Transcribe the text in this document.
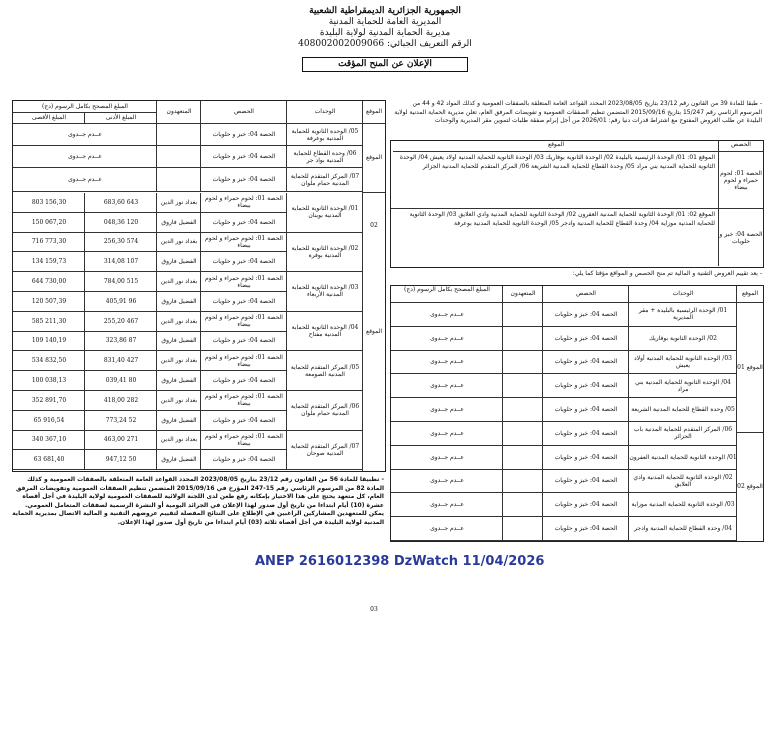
الجمهورية الجزائرية الديمقراطية الشعبية
المديرية العامة للحماية المدنية
مديرية الحماية المدنية لولاية البليدة
الرقم التعريف الجبائي: 408002002009066
الإعلان عن المنح المؤقت
- طبقا للمادة 39 من القانون رقم 23/12 بتاريخ 2023/08/05 المحدد القواعد العامة المتعلقة بالصفقات العمومية و كذلك المواد 42 و 44 من المرسوم الرئاسي رقم 15/247 بتاريخ 2015/09/16 المتضمن تنظيم الصفقات العمومية و تفويضات المرفق العام، تعلن مديرية الحماية المدنية لولاية البليدة عن طلب العروض المفتوح مع اشتراط قدرات دنيا رقم: 2026/01 من أجل إبرام صفقة طلبات لتموين مقر المديرية والوحدات
الحصص
الموقع
الحصة 01: لحوم حمراء و لحوم بيضاء
الموقع 01: 01/ الوحدة الرئيسية بالبليدة 02/ الوحدة الثانوية بوفاريك 03/ الوحدة الثانوية للحماية المدنية أولاد يعيش 04/ الوحدة الثانوية للحماية المدنية بني مراد 05/ وحدة القطاع للحماية المدنية الشريعة 06/ المركز المتقدم للحماية المدنية الجزائر
الحصة 04: خبز و حلويات
الموقع 02: 01/ الوحدة الثانوية للحماية المدنية العفرون 02/ الوحدة الثانوية للحماية المدنية وادي العلايق 03/ الوحدة الثانوية للحماية المدنية موزاية 04/ وحدة القطاع للحماية المدنية وادجر 05/ الوحدة الثانوية للحماية المدنية بوعرفة
- بعد تقييم العروض التقنية و المالية تم منح الحصص و المواقع مؤقتا كما يلي:
الموقع
الوحدات
الحصص
المتعهدون
المبلغ المصحح بكامل الرسوم (دج)
الموقع 01
الموقع 02
01/ الوحدة الرئيسية بالبليدة + مقر المديرية
الحصة 04: خبز و حلويات
عــدم جــدوى
02/ الوحدة الثانوية بوفاريك
الحصة 04: خبز و حلويات
عــدم جــدوى
03/ الوحدة الثانوية للحماية المدنية أولاد يعيش
الحصة 04: خبز و حلويات
عــدم جــدوى
04/ الوحدة الثانوية للحماية المدنية بني مراد
الحصة 04: خبز و حلويات
عــدم جــدوى
05/ وحدة القطاع للحماية المدنية الشريعة
الحصة 04: خبز و حلويات
عــدم جــدوى
06/ المركز المتقدم للحماية المدنية باب الجزائر
الحصة 04: خبز و حلويات
عــدم جــدوى
01/ الوحدة الثانوية للحماية المدنية العفرون
الحصة 04: خبز و حلويات
عــدم جــدوى
02/ الوحدة الثانوية للحماية المدنية وادي العلايق
الحصة 04: خبز و حلويات
عــدم جــدوى
03/ الوحدة الثانوية للحماية المدنية موزاية
الحصة 04: خبز و حلويات
عــدم جــدوى
04/ وحدة القطاع للحماية المدنية وادجر
الحصة 04: خبز و حلويات
عــدم جــدوى
الموقع
الوحدات
الحصص
المتعهدون
المبلغ المصحح بكامل الرسوم (دج)
المبلغ الأدنى
المبلغ الأقصى
الموقع 02
الموقع 03
05/ الوحدة الثانوية للحماية المدنية بوعرفة
الحصة 04: خبز و حلويات
عــدم جــدوى
06/ وحدة القطاع للحماية المدنية بواد جر
الحصة 04: خبز و حلويات
عــدم جــدوى
07/ المركز المتقدم للحماية المدنية حمام ملوان
الحصة 04: خبز و حلويات
عــدم جــدوى
01/ الوحدة الثانوية للحماية المدنية بوينان
الحصة 01: لحوم حمراء و لحوم بيضاء
بغداد نور الدين
643 683,60
803 156,30
الحصة 04: خبز و حلويات
الفضيل فاروق
120 048,36
150 067,20
02/ الوحدة الثانوية للحماية المدنية بوقرة
الحصة 01: لحوم حمراء و لحوم بيضاء
بغداد نور الدين
574 256,30
716 773,30
الحصة 04: خبز و حلويات
الفضيل فاروق
107 314,08
134 159,73
03/ الوحدة الثانوية للحماية المدنية الأربعاء
الحصة 01: لحوم حمراء و لحوم بيضاء
بغداد نور الدين
515 784,00
644 730,00
الحصة 04: خبز و حلويات
الفضيل فاروق
96 405,91
120 507,39
04/ الوحدة الثانوية للحماية المدنية مفتاح
الحصة 01: لحوم حمراء و لحوم بيضاء
بغداد نور الدين
467 255,20
585 211,30
الحصة 04: خبز و حلويات
الفضيل فاروق
87 323,86
109 140,19
05/ المركز المتقدم للحماية المدنية الصومعة
الحصة 01: لحوم حمراء و لحوم بيضاء
بغداد نور الدين
427 831,40
534 832,50
الحصة 04: خبز و حلويات
الفضيل فاروق
80 039,41
100 038,13
06/ المركز المتقدم للحماية المدنية حمام ملوان
الحصة 01: لحوم حمراء و لحوم بيضاء
بغداد نور الدين
282 418,00
352 891,70
الحصة 04: خبز و حلويات
الفضيل فاروق
52 773,24
65 916,54
07/ المركز المتقدم للحماية المدنية صوحان
الحصة 01: لحوم حمراء و لحوم بيضاء
بغداد نور الدين
271 463,00
340 367,10
الحصة 04: خبز و حلويات
الفضيل فاروق
50 947,12
63 681,40
- تطبيقا للمادة 56 من القانون رقم 23/12 بتاريخ 2023/08/05 المحدد القواعد العامة المتعلقة بالصفقات العمومية و كذلك المادة 82 من المرسوم الرئاسي رقم 15-247 المؤرخ في 2015/09/16 المتضمن تنظيم الصفقات العمومية وتفويضات المرفق العام، كل متعهد يحتج على هذا الاختيار بإمكانه رفع طعن لدى اللجنة الولائية للصفقات العمومية لولاية البليدة في أجل أقصاه عشرة (10) أيام ابتداءا من تاريخ أول صدور لهذا الإعلان في الجرائد اليومية أو النشرة الرسمية لصفقات المتعامل العمومي. يمكن للمتعهدين المشاركين الراغبين في الإطلاع على النتائج المفصلة لتقييم عروضهم التقنية و المالية الاتصال بمديرية الحماية المدنية لولاية البليدة في أجل أقصاه ثلاثة (03) أيام ابتداءا من تاريخ أول صدور لهذا الإعلان.
ANEP 2616012398 DzWatch 11/04/2026
